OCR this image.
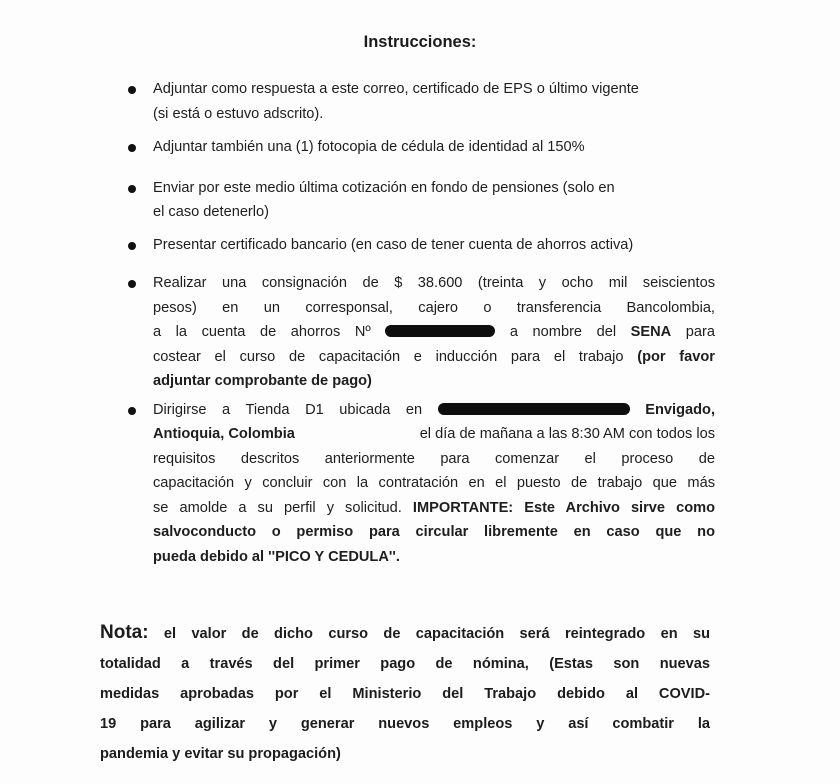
Instrucciones:
Adjuntar como respuesta a este correo, certificado de EPS o último vigente
(si está o estuvo adscrito).
Adjuntar también una (1) fotocopia de cédula de identidad al 150%
Enviar por este medio última cotización en fondo de pensiones (solo en
el caso detenerlo)
Presentar certificado bancario (en caso de tener cuenta de ahorros activa)
Realizar una consignación de $ 38.600 (treinta y ocho mil seiscientos
pesos) en un corresponsal, cajero o transferencia Bancolombia,
a la cuenta de ahorros Nº	a nombre del SENA para
costear el curso de capacitación e inducción para el trabajo (por favor
adjuntar comprobante de pago)
Dirigirse a Tienda D1 ubicada en	Envigado,
Antioquia, Colombia	el día de mañana a las 8:30 AM con todos los
requisitos descritos anteriormente para comenzar el proceso de
capacitación y concluir con la contratación en el puesto de trabajo que más
se amolde a su perfil y solicitud. IMPORTANTE: Este Archivo sirve como
salvoconducto o permiso para circular libremente en caso que no
pueda debido al ''PICO Y CEDULA''.
Nota: el valor de dicho curso de capacitación será reintegrado en su
totalidad a través del primer pago de nómina, (Estas son nuevas
medidas aprobadas por el Ministerio del Trabajo debido al COVID-
19 para agilizar y generar nuevos empleos y así combatir la
pandemia y evitar su propagación)
